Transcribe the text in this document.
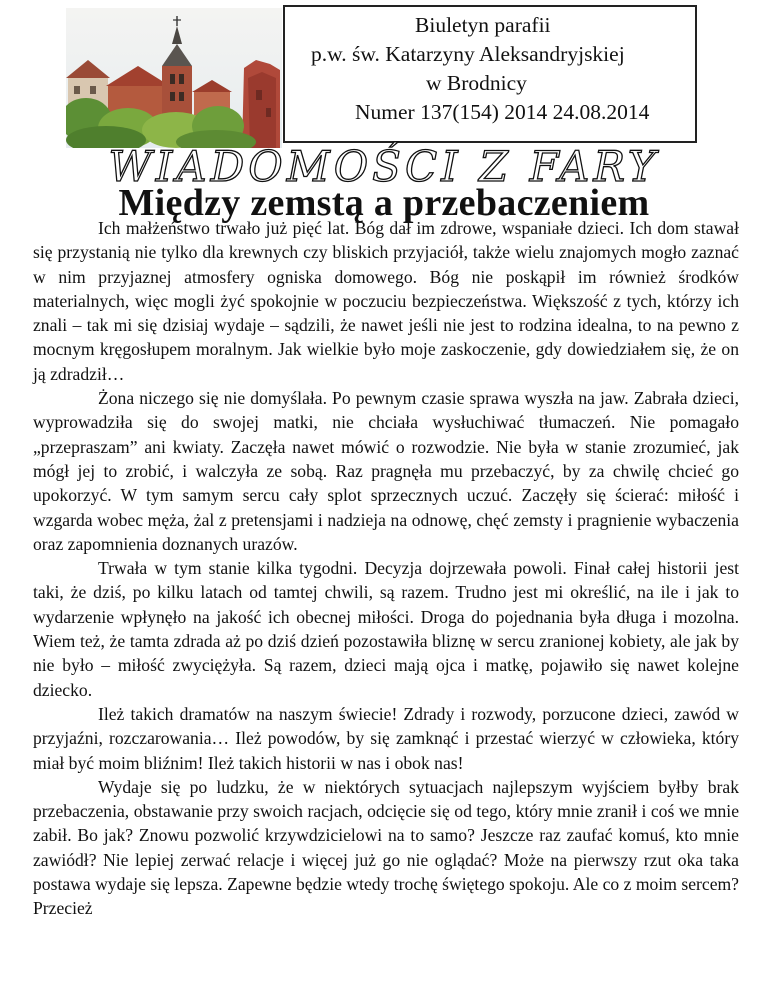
Biuletyn parafii
p.w. św. Katarzyny Aleksandryjskiej
w Brodnicy
Numer 137(154) 2014 24.08.2014
WIADOMOŚCI Z FARY
Między zemstą a przebaczeniem

Ich małżeństwo trwało już pięć lat. Bóg dał im zdrowe, wspaniałe dzieci. Ich dom stawał się przystanią nie tylko dla krewnych czy bliskich przyjaciół, także wielu znajomych mogło zaznać w nim przyjaznej atmosfery ogniska domowego. Bóg nie poskąpił im również środków materialnych, więc mogli żyć spokojnie w poczuciu bezpieczeństwa. Większość z tych, którzy ich znali – tak mi się dzisiaj wydaje – sądzili, że nawet jeśli nie jest to rodzina idealna, to na pewno z mocnym kręgosłupem moralnym. Jak wielkie było moje zaskoczenie, gdy dowiedziałem się, że on ją zdradził…

Żona niczego się nie domyślała. Po pewnym czasie sprawa wyszła na jaw. Zabrała dzieci, wyprowadziła się do swojej matki, nie chciała wysłuchiwać tłumaczeń. Nie pomagało „przepraszam” ani kwiaty. Zaczęła nawet mówić o rozwodzie. Nie była w stanie zrozumieć, jak mógł jej to zrobić, i walczyła ze sobą. Raz pragnęła mu przebaczyć, by za chwilę chcieć go upokorzyć. W tym samym sercu cały splot sprzecznych uczuć. Zaczęły się ścierać: miłość i wzgarda wobec męża, żal z pretensjami i nadzieja na odnowę, chęć zemsty i pragnienie wybaczenia oraz zapomnienia doznanych urazów.

Trwała w tym stanie kilka tygodni. Decyzja dojrzewała powoli. Finał całej historii jest taki, że dziś, po kilku latach od tamtej chwili, są razem. Trudno jest mi określić, na ile i jak to wydarzenie wpłynęło na jakość ich obecnej miłości. Droga do pojednania była długa i mozolna. Wiem też, że tamta zdrada aż po dziś dzień pozostawiła bliznę w sercu zranionej kobiety, ale jak by nie było – miłość zwyciężyła. Są razem, dzieci mają ojca i matkę, pojawiło się nawet kolejne dziecko.

Ileż takich dramatów na naszym świecie! Zdrady i rozwody, porzucone dzieci, zawód w przyjaźni, rozczarowania… Ileż powodów, by się zamknąć i przestać wierzyć w człowieka, który miał być moim bliźnim! Ileż takich historii w nas i obok nas!

Wydaje się po ludzku, że w niektórych sytuacjach najlepszym wyjściem byłby brak przebaczenia, obstawanie przy swoich racjach, odcięcie się od tego, który mnie zranił i coś we mnie zabił. Bo jak? Znowu pozwolić krzywdzicielowi na to samo? Jeszcze raz zaufać komuś, kto mnie zawiódł? Nie lepiej zerwać relacje i więcej już go nie oglądać? Może na pierwszy rzut oka taka postawa wydaje się lepsza. Zapewne będzie wtedy trochę świętego spokoju. Ale co z moim sercem? Przecież
